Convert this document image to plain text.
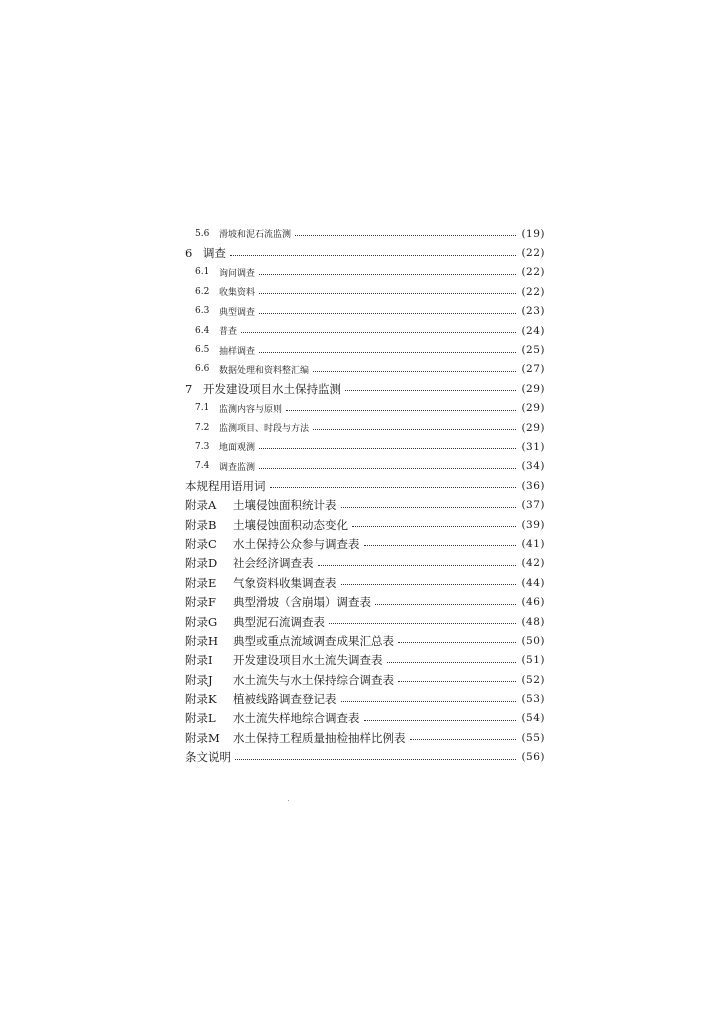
5.6	滑坡和泥石流监测	(19)
6 调查	(22)
6.1	询问调查	(22)
6.2	收集资料	(22)
6.3	典型调查	(23)
6.4	普查	(24)
6.5	抽样调查	(25)
6.6	数据处理和资料整汇编	(27)
7 开发建设项目水土保持监测	(29)
7.1	监测内容与原则	(29)
7.2	监测项目、时段与方法	(29)
7.3	地面观测	(31)
7.4	调查监测	(34)
本规程用语用词	(36)
附录A	土壤侵蚀面积统计表	(37)
附录B	土壤侵蚀面积动态变化	(39)
附录C	水土保持公众参与调查表	(41)
附录D	社会经济调查表	(42)
附录E	气象资料收集调查表	(44)
附录F	典型滑坡（含崩塌）调查表	(46)
附录G	典型泥石流调查表	(48)
附录H	典型或重点流域调查成果汇总表	(50)
附录I	开发建设项目水土流失调查表	(51)
附录J	水土流失与水土保持综合调查表	(52)
附录K	植被线路调查登记表	(53)
附录L	水土流失样地综合调查表	(54)
附录M	水土保持工程质量抽检抽样比例表	(55)
条文说明	(56)
